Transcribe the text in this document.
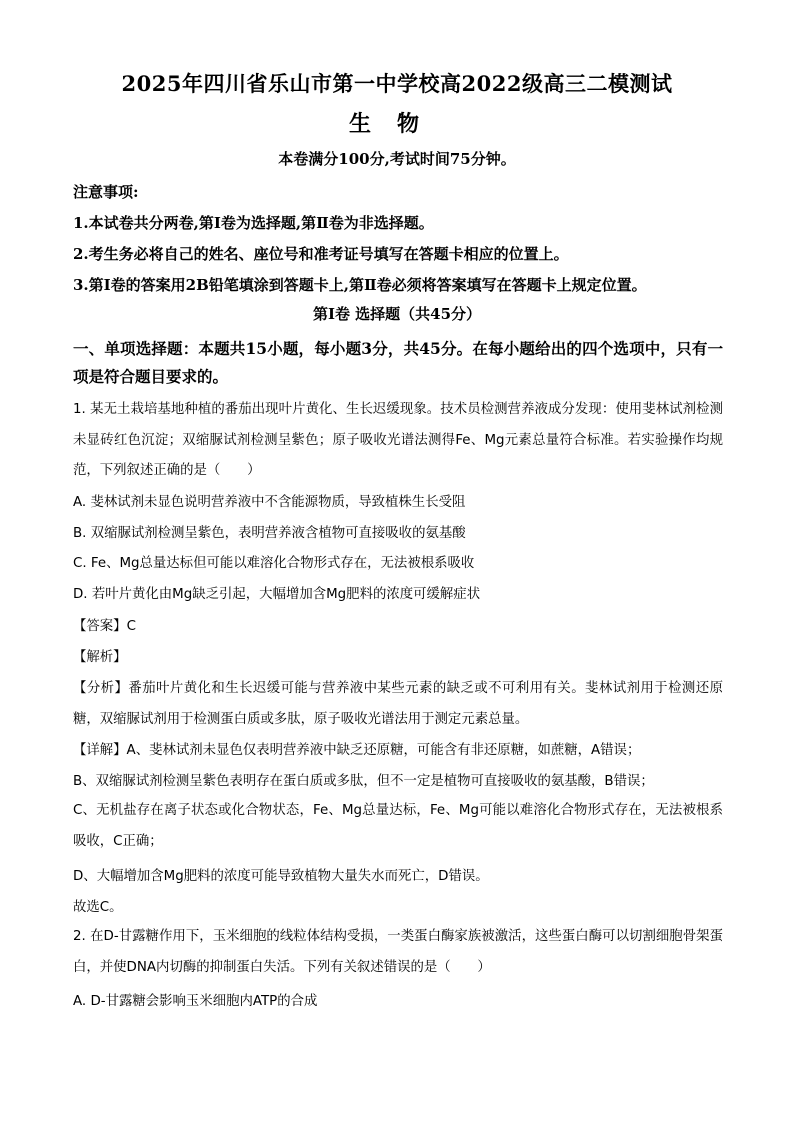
2025年四川省乐山市第一中学校高2022级高三二模测试
生物
本卷满分100分,考试时间75分钟。
注意事项:
1.本试卷共分两卷,第Ⅰ卷为选择题,第Ⅱ卷为非选择题。
2.考生务必将自己的姓名、座位号和准考证号填写在答题卡相应的位置上。
3.第Ⅰ卷的答案用2B铅笔填涂到答题卡上,第Ⅱ卷必须将答案填写在答题卡上规定位置。
第Ⅰ卷 选择题（共45分）
一、单项选择题：本题共15小题，每小题3分，共45分。在每小题给出的四个选项中，只有一项是符合题目要求的。
1. 某无土栽培基地种植的番茄出现叶片黄化、生长迟缓现象。技术员检测营养液成分发现：使用斐林试剂检测未显砖红色沉淀；双缩脲试剂检测呈紫色；原子吸收光谱法测得Fe、Mg元素总量符合标准。若实验操作均规范，下列叙述正确的是（　　）
A. 斐林试剂未显色说明营养液中不含能源物质，导致植株生长受阻
B. 双缩脲试剂检测呈紫色，表明营养液含植物可直接吸收的氨基酸
C. Fe、Mg总量达标但可能以难溶化合物形式存在，无法被根系吸收
D. 若叶片黄化由Mg缺乏引起，大幅增加含Mg肥料的浓度可缓解症状
【答案】C
【解析】
【分析】番茄叶片黄化和生长迟缓可能与营养液中某些元素的缺乏或不可利用有关。斐林试剂用于检测还原糖，双缩脲试剂用于检测蛋白质或多肽，原子吸收光谱法用于测定元素总量。
【详解】A、斐林试剂未显色仅表明营养液中缺乏还原糖，可能含有非还原糖，如蔗糖，A错误；
B、双缩脲试剂检测呈紫色表明存在蛋白质或多肽，但不一定是植物可直接吸收的氨基酸，B错误；
C、无机盐存在离子状态或化合物状态，Fe、Mg总量达标，Fe、Mg可能以难溶化合物形式存在，无法被根系吸收，C正确；
D、大幅增加含Mg肥料的浓度可能导致植物大量失水而死亡，D错误。
故选C。
2. 在D-甘露糖作用下，玉米细胞的线粒体结构受损，一类蛋白酶家族被激活，这些蛋白酶可以切割细胞骨架蛋白，并使DNA内切酶的抑制蛋白失活。下列有关叙述错误的是（　　）
A. D-甘露糖会影响玉米细胞内ATP的合成
